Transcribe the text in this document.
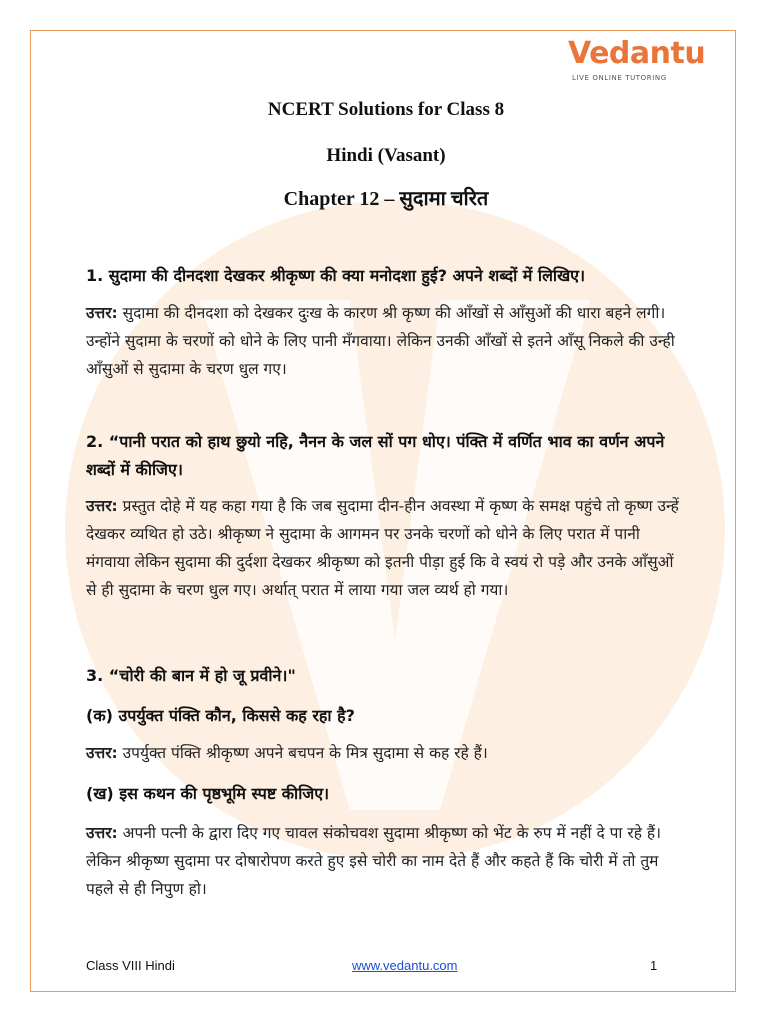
Vedantu
LIVE ONLINE TUTORING
NCERT Solutions for Class 8
Hindi (Vasant)
Chapter 12 – सुदामा चरित
1. सुदामा की दीनदशा देखकर श्रीकृष्ण की क्या मनोदशा हुई? अपने शब्दों में लिखिए।
उत्तर: सुदामा की दीनदशा को देखकर दुःख के कारण श्री कृष्ण की आँखों से आँसुओं की धारा बहने लगी। उन्होंने सुदामा के चरणों को धोने के लिए पानी मँगवाया। लेकिन उनकी आँखों से इतने आँसू निकले की उन्ही आँसुओं से सुदामा के चरण धुल गए।
2. “पानी परात को हाथ छुयो नहि, नैनन के जल सों पग धोए। पंक्ति में वर्णित भाव का वर्णन अपने शब्दों में कीजिए।
उत्तर: प्रस्तुत दोहे में यह कहा गया है कि जब सुदामा दीन-हीन अवस्था में कृष्ण के समक्ष पहुंचे तो कृष्ण उन्हें देखकर व्यथित हो उठे। श्रीकृष्ण ने सुदामा के आगमन पर उनके चरणों को धोने के लिए परात में पानी मंगवाया लेकिन सुदामा की दुर्दशा देखकर श्रीकृष्ण को इतनी पीड़ा हुई कि वे स्वयं रो पड़े और उनके आँसुओं से ही सुदामा के चरण धुल गए। अर्थात् परात में लाया गया जल व्यर्थ हो गया।
3. “चोरी की बान में हो जू प्रवीने।"
(क) उपर्युक्त पंक्ति कौन, किससे कह रहा है?
उत्तर: उपर्युक्त पंक्ति श्रीकृष्ण अपने बचपन के मित्र सुदामा से कह रहे हैं।
(ख) इस कथन की पृष्ठभूमि स्पष्ट कीजिए।
उत्तर: अपनी पत्नी के द्वारा दिए गए चावल संकोचवश सुदामा श्रीकृष्ण को भेंट के रुप में नहीं दे पा रहे हैं। लेकिन श्रीकृष्ण सुदामा पर दोषारोपण करते हुए इसे चोरी का नाम देते हैं और कहते हैं कि चोरी में तो तुम पहले से ही निपुण हो।
Class VIII Hindi	www.vedantu.com	1
